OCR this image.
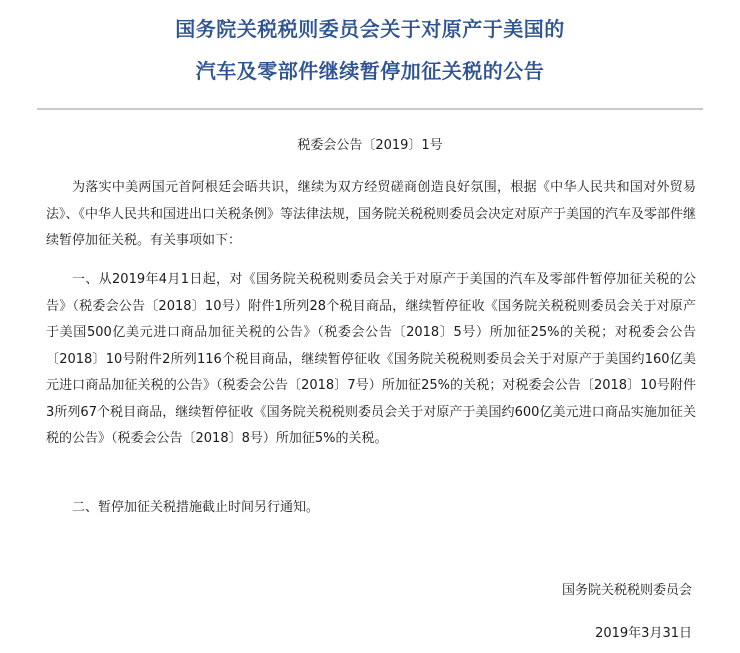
国务院关税税则委员会关于对原产于美国的
汽车及零部件继续暂停加征关税的公告
税委会公告〔2019〕1号

为落实中美两国元首阿根廷会晤共识，继续为双方经贸磋商创造良好氛围，根据《中华人民共和国对外贸易法》、《中华人民共和国进出口关税条例》等法律法规，国务院关税税则委员会决定对原产于美国的汽车及零部件继续暂停加征关税。有关事项如下：

一、从2019年4月1日起，对《国务院关税税则委员会关于对原产于美国的汽车及零部件暂停加征关税的公告》（税委会公告〔2018〕10号）附件1所列28个税目商品，继续暂停征收《国务院关税税则委员会关于对原产于美国500亿美元进口商品加征关税的公告》（税委会公告〔2018〕5号）所加征25%的关税；对税委会公告〔2018〕10号附件2所列116个税目商品，继续暂停征收《国务院关税税则委员会关于对原产于美国约160亿美元进口商品加征关税的公告》（税委会公告〔2018〕7号）所加征25%的关税；对税委会公告〔2018〕10号附件3所列67个税目商品，继续暂停征收《国务院关税税则委员会关于对原产于美国约600亿美元进口商品实施加征关税的公告》（税委会公告〔2018〕8号）所加征5%的关税。

二、暂停加征关税措施截止时间另行通知。

国务院关税税则委员会
2019年3月31日
